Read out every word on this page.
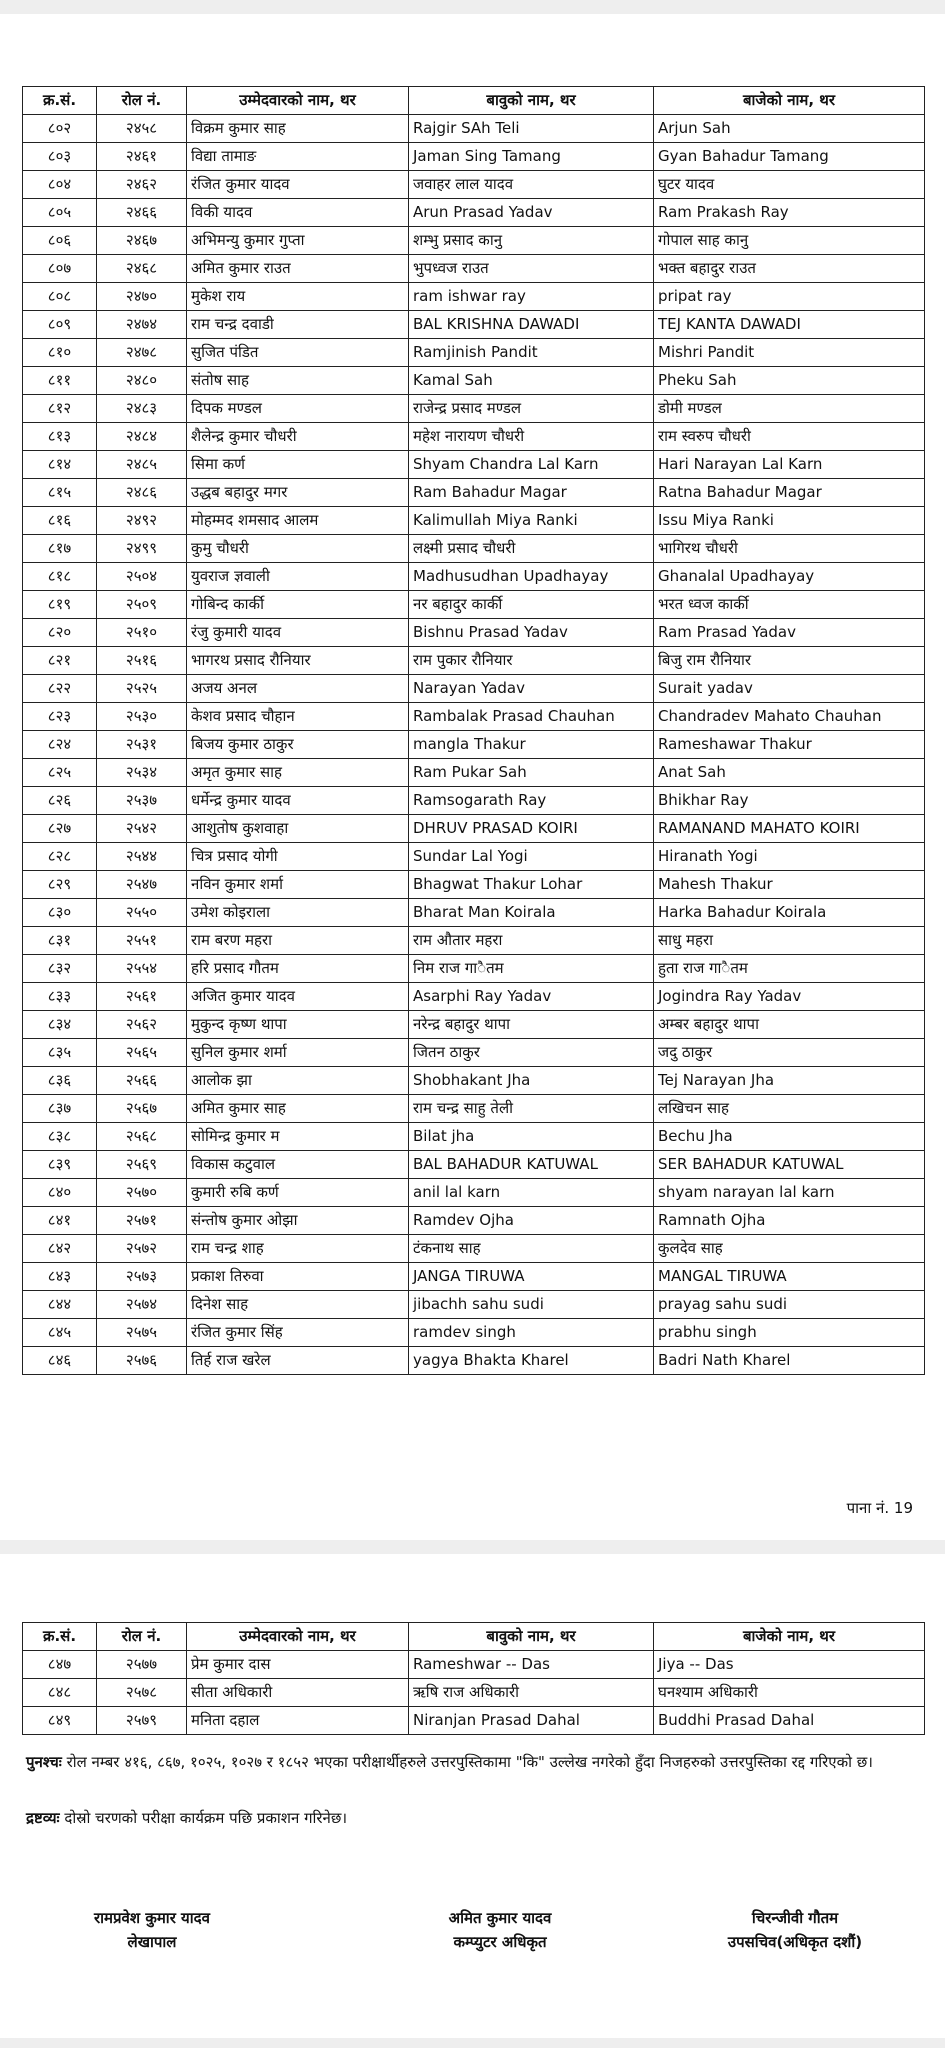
क्र.सं.	रोल नं.	उम्मेदवारको नाम, थर	बावुको नाम, थर	बाजेको नाम, थर
८०२	२४५८	विक्रम कुमार साह	Rajgir SAh Teli	Arjun Sah
८०३	२४६१	विद्या तामाङ	Jaman Sing Tamang	Gyan Bahadur Tamang
८०४	२४६२	रंजित कुमार यादव	जवाहर लाल यादव	घुटर यादव
८०५	२४६६	विकी यादव	Arun Prasad Yadav	Ram Prakash Ray
८०६	२४६७	अभिमन्यु कुमार गुप्ता	शम्भु प्रसाद कानु	गोपाल साह कानु
८०७	२४६८	अमित कुमार राउत	भुपध्वज राउत	भक्त बहादुर राउत
८०८	२४७०	मुकेश राय	ram ishwar ray	pripat ray
८०९	२४७४	राम चन्द्र दवाडी	BAL KRISHNA DAWADI	TEJ KANTA DAWADI
८१०	२४७८	सुजित पंडित	Ramjinish Pandit	Mishri Pandit
८११	२४८०	संतोष साह	Kamal Sah	Pheku Sah
८१२	२४८३	दिपक मण्डल	राजेन्द्र प्रसाद मण्डल	डोमी मण्डल
८१३	२४८४	शैलेन्द्र कुमार चौधरी	महेश नारायण चौधरी	राम स्वरुप चौधरी
८१४	२४८५	सिमा कर्ण	Shyam Chandra Lal Karn	Hari Narayan Lal Karn
८१५	२४८६	उद्धब बहादुर मगर	Ram Bahadur Magar	Ratna Bahadur Magar
८१६	२४९२	मोहम्मद शमसाद आलम	Kalimullah Miya Ranki	Issu Miya Ranki
८१७	२४९९	कुमु चौधरी	लक्ष्मी प्रसाद चौधरी	भागिरथ चौधरी
८१८	२५०४	युवराज ज्ञवाली	Madhusudhan Upadhayay	Ghanalal Upadhayay
८१९	२५०९	गोबिन्द कार्की	नर बहादुर कार्की	भरत ध्वज कार्की
८२०	२५१०	रंजु कुमारी यादव	Bishnu Prasad Yadav	Ram Prasad Yadav
८२१	२५१६	भागरथ प्रसाद रौनियार	राम पुकार रौनियार	बिजु राम रौनियार
८२२	२५२५	अजय अनल	Narayan Yadav	Surait yadav
८२३	२५३०	केशव प्रसाद चौहान	Rambalak Prasad Chauhan	Chandradev Mahato Chauhan
८२४	२५३१	बिजय कुमार ठाकुर	mangla Thakur	Rameshawar Thakur
८२५	२५३४	अमृत कुमार साह	Ram Pukar Sah	Anat Sah
८२६	२५३७	धर्मेन्द्र कुमार यादव	Ramsogarath Ray	Bhikhar Ray
८२७	२५४२	आशुतोष कुशवाहा	DHRUV PRASAD KOIRI	RAMANAND MAHATO KOIRI
८२८	२५४४	चित्र प्रसाद योगी	Sundar Lal Yogi	Hiranath Yogi
८२९	२५४७	नविन कुमार शर्मा	Bhagwat Thakur Lohar	Mahesh Thakur
८३०	२५५०	उमेश कोइराला	Bharat Man Koirala	Harka Bahadur Koirala
८३१	२५५१	राम बरण महरा	राम औतार महरा	साधु महरा
८३२	२५५४	हरि प्रसाद गौतम	निम राज गा◌ैतम	हुता राज गा◌ैतम
८३३	२५६१	अजित कुमार यादव	Asarphi Ray Yadav	Jogindra Ray Yadav
८३४	२५६२	मुकुन्द कृष्ण थापा	नरेन्द्र बहादुर थापा	अम्बर बहादुर थापा
८३५	२५६५	सुनिल कुमार शर्मा	जितन ठाकुर	जदु ठाकुर
८३६	२५६६	आलोक झा	Shobhakant Jha	Tej Narayan Jha
८३७	२५६७	अमित कुमार साह	राम चन्द्र साहु तेली	लखिचन साह
८३८	२५६८	सोमिन्द्र कुमार म	Bilat jha	Bechu Jha
८३९	२५६९	विकास कटुवाल	BAL BAHADUR KATUWAL	SER BAHADUR KATUWAL
८४०	२५७०	कुमारी रुबि कर्ण	anil lal karn	shyam narayan lal karn
८४१	२५७१	संन्तोष कुमार ओझा	Ramdev Ojha	Ramnath Ojha
८४२	२५७२	राम चन्द्र शाह	टंकनाथ साह	कुलदेव साह
८४३	२५७३	प्रकाश तिरुवा	JANGA TIRUWA	MANGAL TIRUWA
८४४	२५७४	दिनेश साह	jibachh sahu sudi	prayag sahu sudi
८४५	२५७५	रंजित कुमार सिंह	ramdev singh	prabhu singh
८४६	२५७६	तिर्ह राज खरेल	yagya Bhakta Kharel	Badri Nath Kharel
पाना नं. 19
क्र.सं.	रोल नं.	उम्मेदवारको नाम, थर	बावुको नाम, थर	बाजेको नाम, थर
८४७	२५७७	प्रेम कुमार दास	Rameshwar -- Das	Jiya -- Das
८४८	२५७८	सीता अधिकारी	ऋषि राज अधिकारी	घनश्याम अधिकारी
८४९	२५७९	मनिता दहाल	Niranjan Prasad Dahal	Buddhi Prasad Dahal
पुनश्चः रोल नम्बर ४१६, ८६७, १०२५, १०२७ र १८५२ भएका परीक्षार्थीहरुले उत्तरपुस्तिकामा "कि" उल्लेख नगरेको हुँदा निजहरुको उत्तरपुस्तिका रद्द गरिएको छ।
द्रष्टव्यः दोस्रो चरणको परीक्षा कार्यक्रम पछि प्रकाशन गरिनेछ।
रामप्रवेश कुमार यादव
लेखापाल
अमित कुमार यादव
कम्प्युटर अधिकृत
चिरन्जीवी गौतम
उपसचिव(अधिकृत दशौं)
